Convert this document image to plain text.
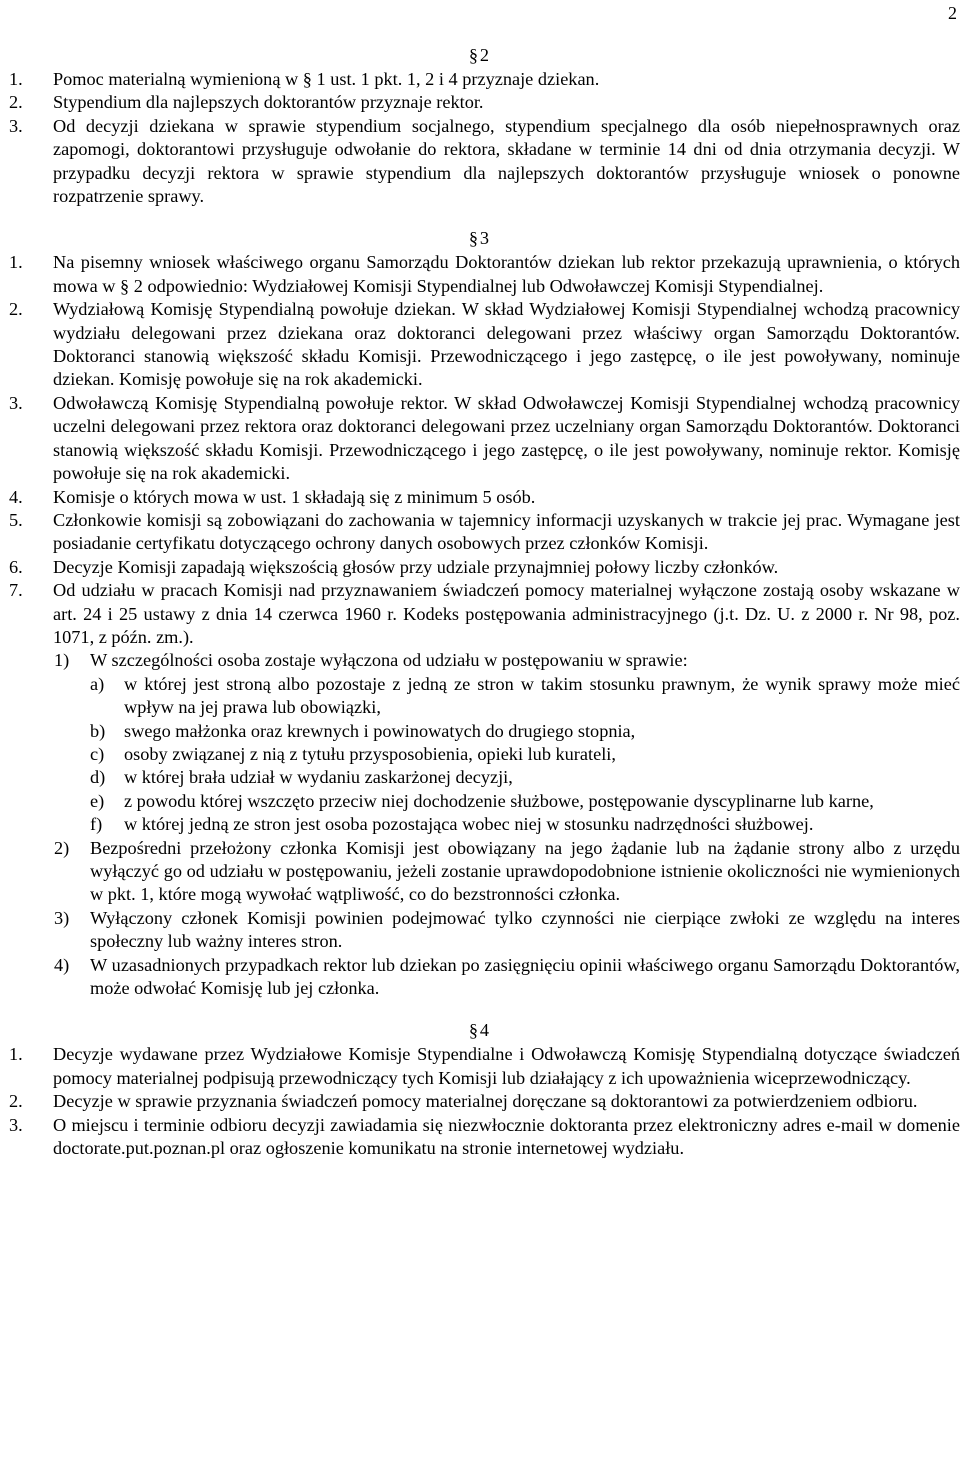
2
§ 2
1.	Pomoc materialną wymienioną w § 1 ust. 1 pkt. 1, 2 i 4 przyznaje dziekan.
2.	Stypendium dla najlepszych doktorantów przyznaje rektor.
3.	Od decyzji dziekana w sprawie stypendium socjalnego, stypendium specjalnego dla osób niepełnosprawnych oraz zapomogi, doktorantowi przysługuje odwołanie do rektora, składane w terminie 14 dni od dnia otrzymania decyzji. W przypadku decyzji rektora w sprawie stypendium dla najlepszych doktorantów przysługuje wniosek o ponowne rozpatrzenie sprawy.
§ 3
1.	Na pisemny wniosek właściwego organu Samorządu Doktorantów dziekan lub rektor przekazują uprawnienia, o których mowa w § 2 odpowiednio: Wydziałowej Komisji Stypendialnej lub Odwoławczej Komisji Stypendialnej.
2.	Wydziałową Komisję Stypendialną powołuje dziekan. W skład Wydziałowej Komisji Stypendialnej wchodzą pracownicy wydziału delegowani przez dziekana oraz doktoranci delegowani przez właściwy organ Samorządu Doktorantów. Doktoranci stanowią większość składu Komisji. Przewodniczącego i jego zastępcę, o ile jest powoływany, nominuje dziekan. Komisję powołuje się na rok akademicki.
3.	Odwoławczą Komisję Stypendialną powołuje rektor. W skład Odwoławczej Komisji Stypendialnej wchodzą pracownicy uczelni delegowani przez rektora oraz doktoranci delegowani przez uczelniany organ Samorządu Doktorantów. Doktoranci stanowią większość składu Komisji. Przewodniczącego i jego zastępcę, o ile jest powoływany, nominuje rektor. Komisję powołuje się na rok akademicki.
4.	Komisje o których mowa w ust. 1 składają się z minimum 5 osób.
5.	Członkowie komisji są zobowiązani do zachowania w tajemnicy informacji uzyskanych w trakcie jej prac. Wymagane jest posiadanie certyfikatu dotyczącego ochrony danych osobowych przez członków Komisji.
6.	Decyzje Komisji zapadają większością głosów przy udziale przynajmniej połowy liczby członków.
7.	Od udziału w pracach Komisji nad przyznawaniem świadczeń pomocy materialnej wyłączone zostają osoby wskazane w art. 24 i 25 ustawy z dnia 14 czerwca 1960 r. Kodeks postępowania administracyjnego (j.t. Dz. U. z 2000 r. Nr 98, poz. 1071, z późn. zm.).
1)	W szczególności osoba zostaje wyłączona od udziału w postępowaniu w sprawie:
a)	w której jest stroną albo pozostaje z jedną ze stron w takim stosunku prawnym, że wynik sprawy może mieć wpływ na jej prawa lub obowiązki,
b)	swego małżonka oraz krewnych i powinowatych do drugiego stopnia,
c)	osoby związanej z nią z tytułu przysposobienia, opieki lub kurateli,
d)	w której brała udział w wydaniu zaskarżonej decyzji,
e)	z powodu której wszczęto przeciw niej dochodzenie służbowe, postępowanie dyscyplinarne lub karne,
f)	w której jedną ze stron jest osoba pozostająca wobec niej w stosunku nadrzędności służbowej.
2)	Bezpośredni przełożony członka Komisji jest obowiązany na jego żądanie lub na żądanie strony albo z urzędu wyłączyć go od udziału w postępowaniu, jeżeli zostanie uprawdopodobnione istnienie okoliczności nie wymienionych w pkt. 1, które mogą wywołać wątpliwość, co do bezstronności członka.
3)	Wyłączony członek Komisji powinien podejmować tylko czynności nie cierpiące zwłoki ze względu na interes społeczny lub ważny interes stron.
4)	W uzasadnionych przypadkach rektor lub dziekan po zasięgnięciu opinii właściwego organu Samorządu Doktorantów, może odwołać Komisję lub jej członka.
§ 4
1.	Decyzje wydawane przez Wydziałowe Komisje Stypendialne i Odwoławczą Komisję Stypendialną dotyczące świadczeń pomocy materialnej podpisują przewodniczący tych Komisji lub działający z ich upoważnienia wiceprzewodniczący.
2.	Decyzje w sprawie przyznania świadczeń pomocy materialnej doręczane są doktorantowi za potwierdzeniem odbioru.
3.	O miejscu i terminie odbioru decyzji zawiadamia się niezwłocznie doktoranta przez elektroniczny adres e-mail w domenie doctorate.put.poznan.pl oraz ogłoszenie komunikatu na stronie internetowej wydziału.
